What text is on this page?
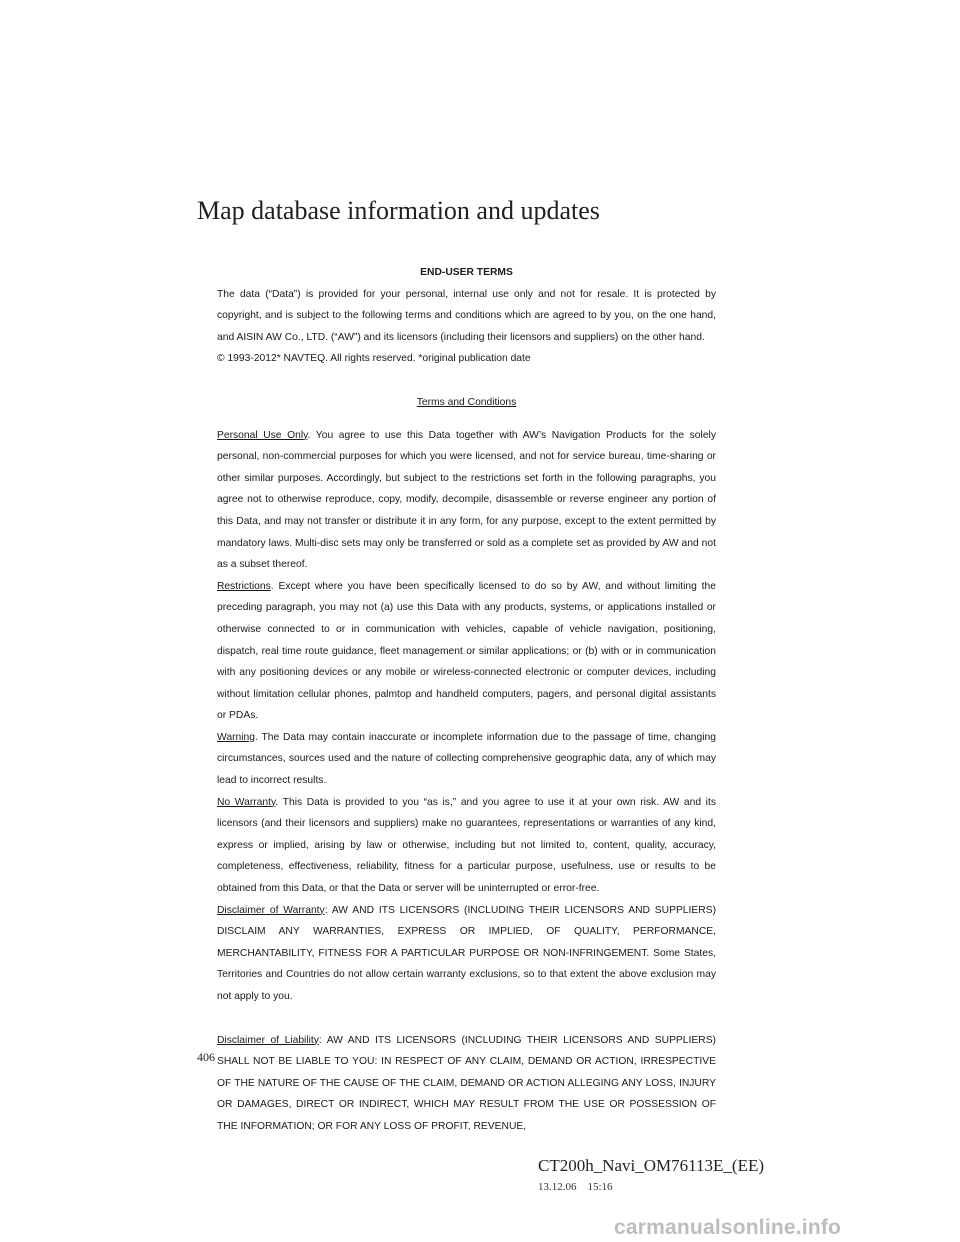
Map database information and updates

END-USER TERMS

The data (“Data”) is provided for your personal, internal use only and not for resale. It is protected by copyright, and is subject to the following terms and conditions which are agreed to by you, on the one hand, and AISIN AW Co., LTD. (“AW”) and its licensors (including their licensors and suppliers) on the other hand.

© 1993-2012* NAVTEQ. All rights reserved. *original publication date

Terms and Conditions

Personal Use Only. You agree to use this Data together with AW’s Navigation Products for the solely personal, non-commercial purposes for which you were licensed, and not for service bureau, time-sharing or other similar purposes. Accordingly, but subject to the restrictions set forth in the following paragraphs, you agree not to otherwise reproduce, copy, modify, decompile, disassemble or reverse engineer any portion of this Data, and may not transfer or distribute it in any form, for any purpose, except to the extent permitted by mandatory laws. Multi-disc sets may only be transferred or sold as a complete set as provided by AW and not as a subset thereof.

Restrictions. Except where you have been specifically licensed to do so by AW, and without limiting the preceding paragraph, you may not (a) use this Data with any products, systems, or applications installed or otherwise connected to or in communication with vehicles, capable of vehicle navigation, positioning, dispatch, real time route guidance, fleet management or similar applications; or (b) with or in communication with any positioning devices or any mobile or wireless-connected electronic or computer devices, including without limitation cellular phones, palmtop and handheld computers, pagers, and personal digital assistants or PDAs.

Warning. The Data may contain inaccurate or incomplete information due to the passage of time, changing circumstances, sources used and the nature of collecting comprehensive geographic data, any of which may lead to incorrect results.

No Warranty. This Data is provided to you “as is,” and you agree to use it at your own risk. AW and its licensors (and their licensors and suppliers) make no guarantees, representations or warranties of any kind, express or implied, arising by law or otherwise, including but not limited to, content, quality, accuracy, completeness, effectiveness, reliability, fitness for a particular purpose, usefulness, use or results to be obtained from this Data, or that the Data or server will be uninterrupted or error-free.

Disclaimer of Warranty: AW AND ITS LICENSORS (INCLUDING THEIR LICENSORS AND SUPPLIERS) DISCLAIM ANY WARRANTIES, EXPRESS OR IMPLIED, OF QUALITY, PERFORMANCE, MERCHANTABILITY, FITNESS FOR A PARTICULAR PURPOSE OR NON-INFRINGEMENT. Some States, Territories and Countries do not allow certain warranty exclusions, so to that extent the above exclusion may not apply to you.

Disclaimer of Liability: AW AND ITS LICENSORS (INCLUDING THEIR LICENSORS AND SUPPLIERS) SHALL NOT BE LIABLE TO YOU: IN RESPECT OF ANY CLAIM, DEMAND OR ACTION, IRRESPECTIVE OF THE NATURE OF THE CAUSE OF THE CLAIM, DEMAND OR ACTION ALLEGING ANY LOSS, INJURY OR DAMAGES, DIRECT OR INDIRECT, WHICH MAY RESULT FROM THE USE OR POSSESSION OF THE INFORMATION; OR FOR ANY LOSS OF PROFIT, REVENUE,

406
CT200h_Navi_OM76113E_(EE)
13.12.06    15:16
carmanualsonline.info
